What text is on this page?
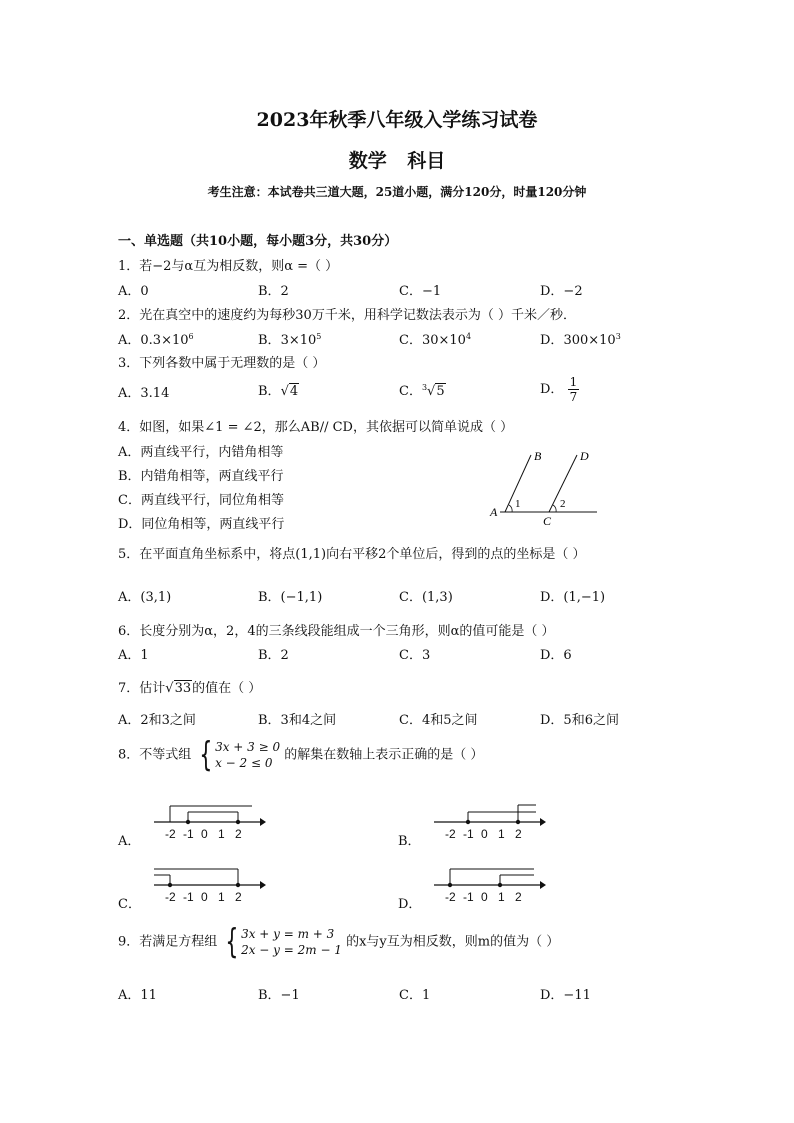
2023年秋季八年级入学练习试卷
数学 科目
考生注意：本试卷共三道大题，25道小题，满分120分，时量120分钟
一、单选题（共10小题，每小题3分，共30分）
1．若−2与α互为相反数，则α =（ ）
A．0	B．2	C．−1	D．−2
2．光在真空中的速度约为每秒30万千米，用科学记数法表示为（ ）千米／秒．
A．$0.3\times 10^6$	B．$3\times 10^5$	C．$30\times 10^4$	D．$300\times 10^3$
3．下列各数中属于无理数的是（ ）
A．3.14	B．√4	C．$^3$√5	D． $\frac{1}{7}$
4．如图，如果∠1 = ∠2，那么AB// CD，其依据可以简单说成（ ）
A．两直线平行，内错角相等
B．内错角相等，两直线平行
C．两直线平行，同位角相等
D．同位角相等，两直线平行
A
B
C
D
1	2
5．在平面直角坐标系中，将点(1,1)向右平移2个单位后，得到的点的坐标是（ ）
A．(3,1)	B．(−1,1)	C．(1,3)	D．(1,−1)
6．长度分别为α，2，4的三条线段能组成一个三角形，则α的值可能是（ ）
A．1	B．2	C．3	D．6
7．估计√33的值在（ ）
A．2和3之间	B．3和4之间	C．4和5之间	D．5和6之间
8．不等式组 { 3x + 3 ≥ 0
x − 2 ≤ 0
的解集在数轴上表示正确的是（ ）
A．	B．
C．	D．
-2 -1 0 1 2	-2 -1 0 1 2
-2 -1 0 1 2	-2 -1 0 1 2
9．若满足方程组 { 3x + y = m + 3
2x − y = 2m − 1
的x与y互为相反数，则m的值为（ ）
A．11	B．−1	C．1	D．−11
